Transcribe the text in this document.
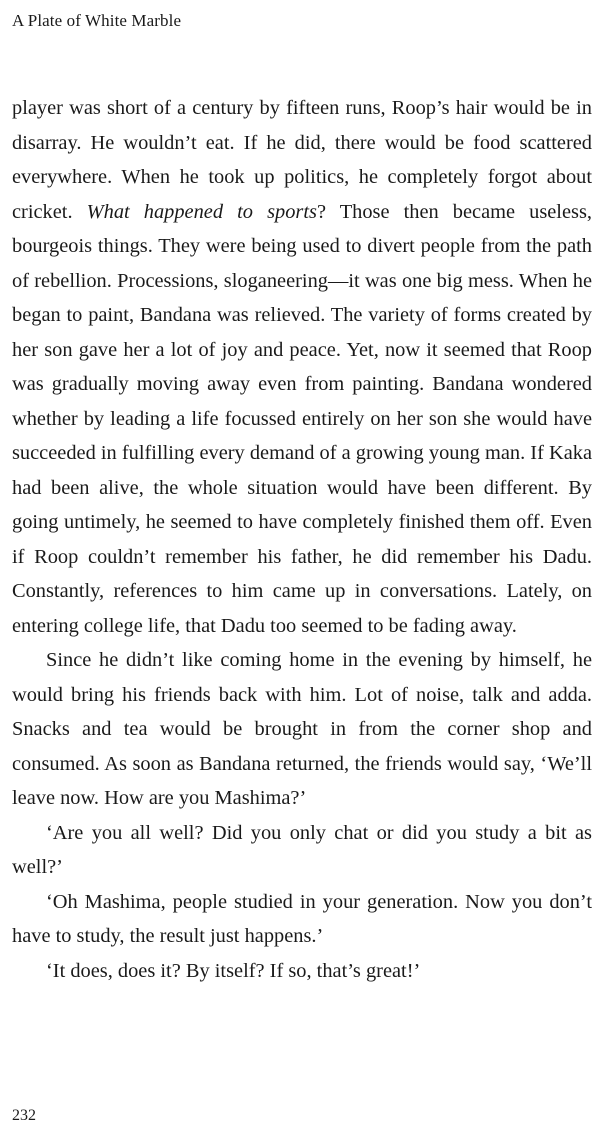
A Plate of White Marble

player was short of a century by fifteen runs, Roop’s hair would be in disarray. He wouldn’t eat. If he did, there would be food scattered everywhere. When he took up politics, he completely forgot about cricket. What happened to sports? Those then became useless, bourgeois things. They were being used to divert people from the path of rebellion. Processions, sloganeering—it was one big mess. When he began to paint, Bandana was relieved. The variety of forms created by her son gave her a lot of joy and peace. Yet, now it seemed that Roop was gradually moving away even from painting. Bandana wondered whether by leading a life focussed entirely on her son she would have succeeded in fulfilling every demand of a growing young man. If Kaka had been alive, the whole situation would have been different. By going untimely, he seemed to have completely finished them off. Even if Roop couldn’t remember his father, he did remember his Dadu. Constantly, references to him came up in conversations. Lately, on entering college life, that Dadu too seemed to be fading away.

Since he didn’t like coming home in the evening by himself, he would bring his friends back with him. Lot of noise, talk and adda. Snacks and tea would be brought in from the corner shop and consumed. As soon as Bandana returned, the friends would say, ‘We’ll leave now. How are you Mashima?’

‘Are you all well? Did you only chat or did you study a bit as well?’

‘Oh Mashima, people studied in your generation. Now you don’t have to study, the result just happens.’

‘It does, does it? By itself? If so, that’s great!’

232
